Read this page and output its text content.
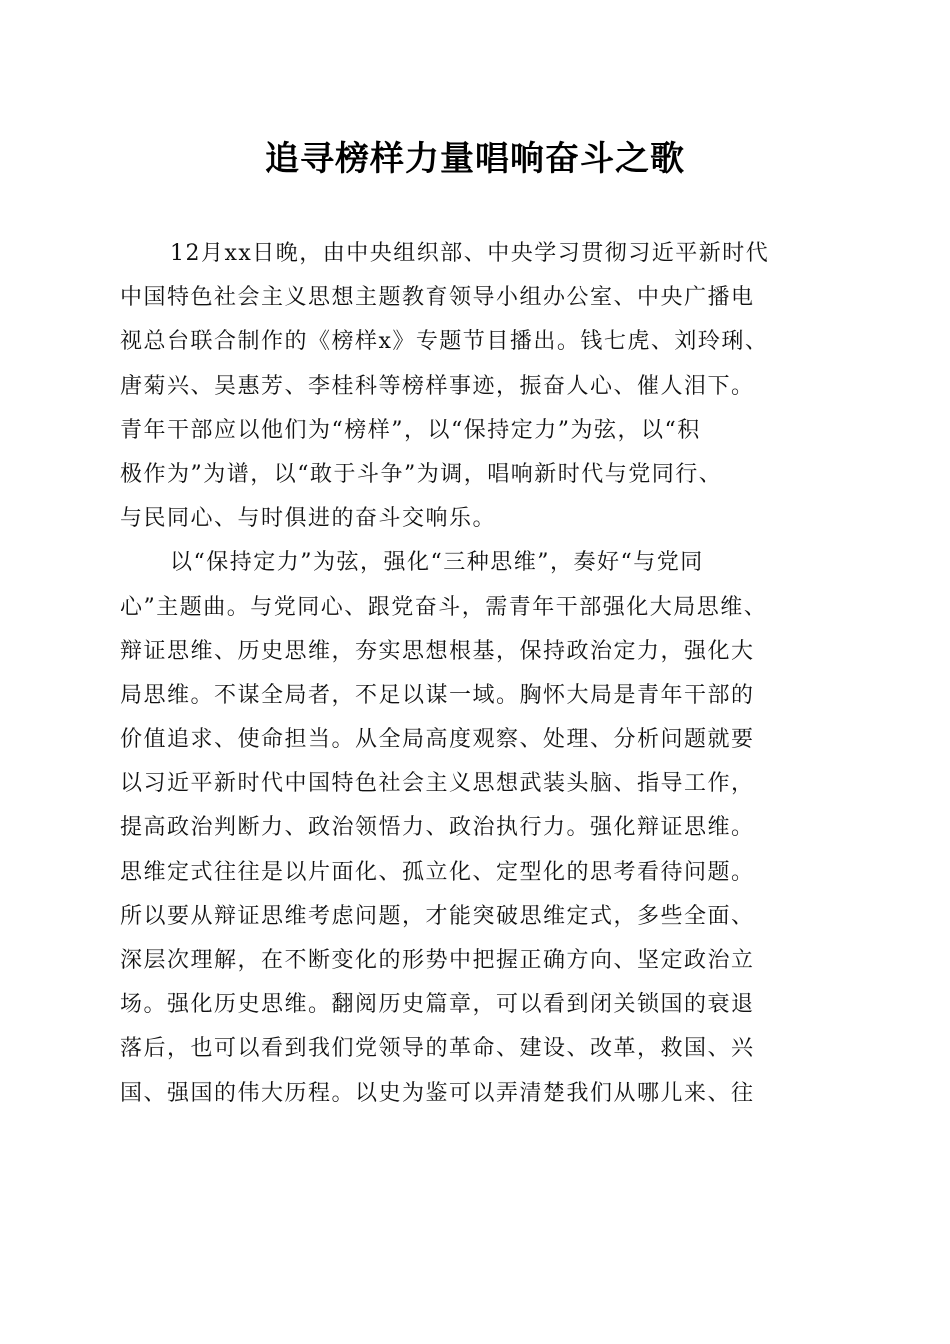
追寻榜样力量唱响奋斗之歌
12月xx日晚，由中央组织部、中央学习贯彻习近平新时代
中国特色社会主义思想主题教育领导小组办公室、中央广播电
视总台联合制作的《榜样x》专题节目播出。钱七虎、刘玲琍、
唐菊兴、吴惠芳、李桂科等榜样事迹，振奋人心、催人泪下。
青年干部应以他们为“榜样”，以“保持定力”为弦，以“积
极作为”为谱，以“敢于斗争”为调，唱响新时代与党同行、
与民同心、与时俱进的奋斗交响乐。
以“保持定力”为弦，强化“三种思维”，奏好“与党同
心”主题曲。与党同心、跟党奋斗，需青年干部强化大局思维、
辩证思维、历史思维，夯实思想根基，保持政治定力，强化大
局思维。不谋全局者，不足以谋一域。胸怀大局是青年干部的
价值追求、使命担当。从全局高度观察、处理、分析问题就要
以习近平新时代中国特色社会主义思想武装头脑、指导工作，
提高政治判断力、政治领悟力、政治执行力。强化辩证思维。
思维定式往往是以片面化、孤立化、定型化的思考看待问题。
所以要从辩证思维考虑问题，才能突破思维定式，多些全面、
深层次理解，在不断变化的形势中把握正确方向、坚定政治立
场。强化历史思维。翻阅历史篇章，可以看到闭关锁国的衰退
落后，也可以看到我们党领导的革命、建设、改革，救国、兴
国、强国的伟大历程。以史为鉴可以弄清楚我们从哪儿来、往
